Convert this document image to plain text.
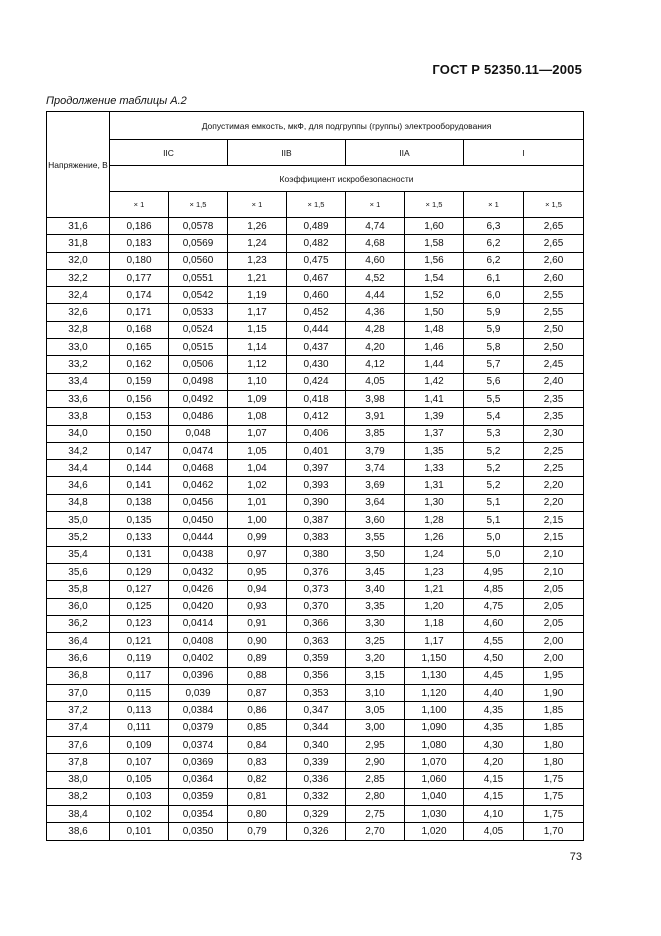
ГОСТ Р 52350.11—2005
Продолжение таблицы А.2
Напряжение, В	Допустимая емкость, мкФ, для подгруппы (группы) электрооборудования							
	IIC		IIB		IIA		I	
	Коэффициент искробезопасности							
	× 1	× 1,5	× 1	× 1,5	× 1	× 1,5	× 1	× 1,5
31,6	0,186	0,0578	1,26	0,489	4,74	1,60	6,3	2,65
31,8	0,183	0,0569	1,24	0,482	4,68	1,58	6,2	2,65
32,0	0,180	0,0560	1,23	0,475	4,60	1,56	6,2	2,60
32,2	0,177	0,0551	1,21	0,467	4,52	1,54	6,1	2,60
32,4	0,174	0,0542	1,19	0,460	4,44	1,52	6,0	2,55
32,6	0,171	0,0533	1,17	0,452	4,36	1,50	5,9	2,55
32,8	0,168	0,0524	1,15	0,444	4,28	1,48	5,9	2,50
33,0	0,165	0,0515	1,14	0,437	4,20	1,46	5,8	2,50
33,2	0,162	0,0506	1,12	0,430	4,12	1,44	5,7	2,45
33,4	0,159	0,0498	1,10	0,424	4,05	1,42	5,6	2,40
33,6	0,156	0,0492	1,09	0,418	3,98	1,41	5,5	2,35
33,8	0,153	0,0486	1,08	0,412	3,91	1,39	5,4	2,35
34,0	0,150	0,048	1,07	0,406	3,85	1,37	5,3	2,30
34,2	0,147	0,0474	1,05	0,401	3,79	1,35	5,2	2,25
34,4	0,144	0,0468	1,04	0,397	3,74	1,33	5,2	2,25
34,6	0,141	0,0462	1,02	0,393	3,69	1,31	5,2	2,20
34,8	0,138	0,0456	1,01	0,390	3,64	1,30	5,1	2,20
35,0	0,135	0,0450	1,00	0,387	3,60	1,28	5,1	2,15
35,2	0,133	0,0444	0,99	0,383	3,55	1,26	5,0	2,15
35,4	0,131	0,0438	0,97	0,380	3,50	1,24	5,0	2,10
35,6	0,129	0,0432	0,95	0,376	3,45	1,23	4,95	2,10
35,8	0,127	0,0426	0,94	0,373	3,40	1,21	4,85	2,05
36,0	0,125	0,0420	0,93	0,370	3,35	1,20	4,75	2,05
36,2	0,123	0,0414	0,91	0,366	3,30	1,18	4,60	2,05
36,4	0,121	0,0408	0,90	0,363	3,25	1,17	4,55	2,00
36,6	0,119	0,0402	0,89	0,359	3,20	1,150	4,50	2,00
36,8	0,117	0,0396	0,88	0,356	3,15	1,130	4,45	1,95
37,0	0,115	0,039	0,87	0,353	3,10	1,120	4,40	1,90
37,2	0,113	0,0384	0,86	0,347	3,05	1,100	4,35	1,85
37,4	0,111	0,0379	0,85	0,344	3,00	1,090	4,35	1,85
37,6	0,109	0,0374	0,84	0,340	2,95	1,080	4,30	1,80
37,8	0,107	0,0369	0,83	0,339	2,90	1,070	4,20	1,80
38,0	0,105	0,0364	0,82	0,336	2,85	1,060	4,15	1,75
38,2	0,103	0,0359	0,81	0,332	2,80	1,040	4,15	1,75
38,4	0,102	0,0354	0,80	0,329	2,75	1,030	4,10	1,75
38,6	0,101	0,0350	0,79	0,326	2,70	1,020	4,05	1,70
73
